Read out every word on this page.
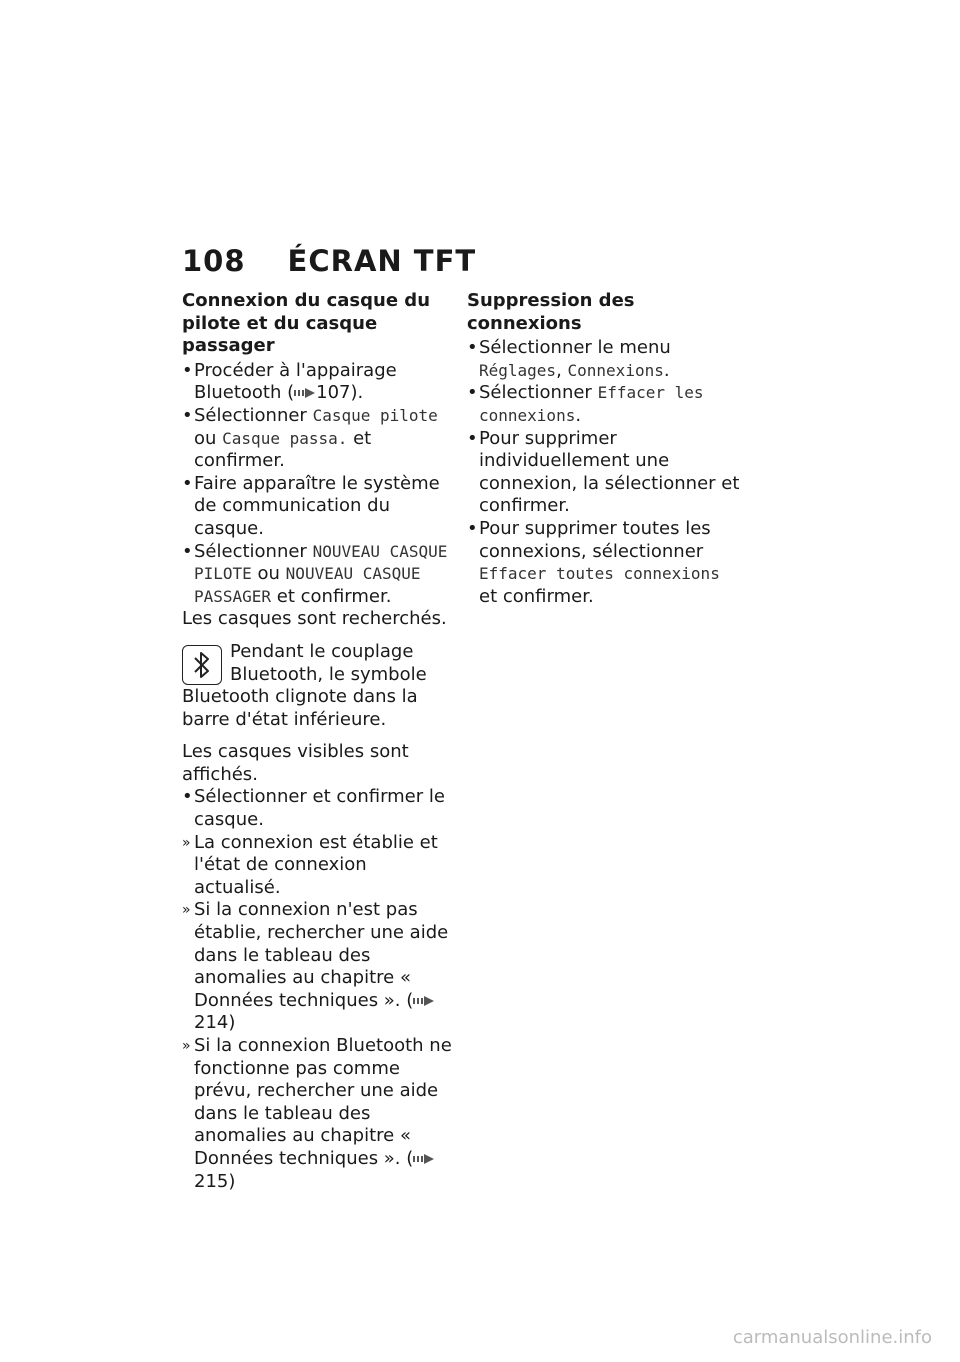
108 ÉCRAN TFT
Connexion du casque du pilote et du casque passager
• Procéder à l'appairage Bluetooth ( 107).
• Sélectionner Casque pilote ou Casque passa. et confirmer.
• Faire apparaître le système de communication du casque.
• Sélectionner NOUVEAU CASQUE PILOTE ou NOUVEAU CASQUE PASSAGER et confirmer.

Les casques sont recherchés.

Pendant le couplage Bluetooth, le symbole Bluetooth clignote dans la barre d'état inférieure.

Les casques visibles sont affichés.

• Sélectionner et confirmer le casque.
» La connexion est établie et l'état de connexion actualisé.
» Si la connexion n'est pas établie, rechercher une aide dans le tableau des anomalies au chapitre « Données techniques ». (214)
» Si la connexion Bluetooth ne fonctionne pas comme prévu, rechercher une aide dans le tableau des anomalies au chapitre « Données techniques ». (215)
Suppression des connexions
• Sélectionner le menu Réglages, Connexions.
• Sélectionner Effacer les connexions.
• Pour supprimer individuellement une connexion, la sélectionner et confirmer.
• Pour supprimer toutes les connexions, sélectionner Effacer toutes connexions et confirmer.
carmanualsonline.info
